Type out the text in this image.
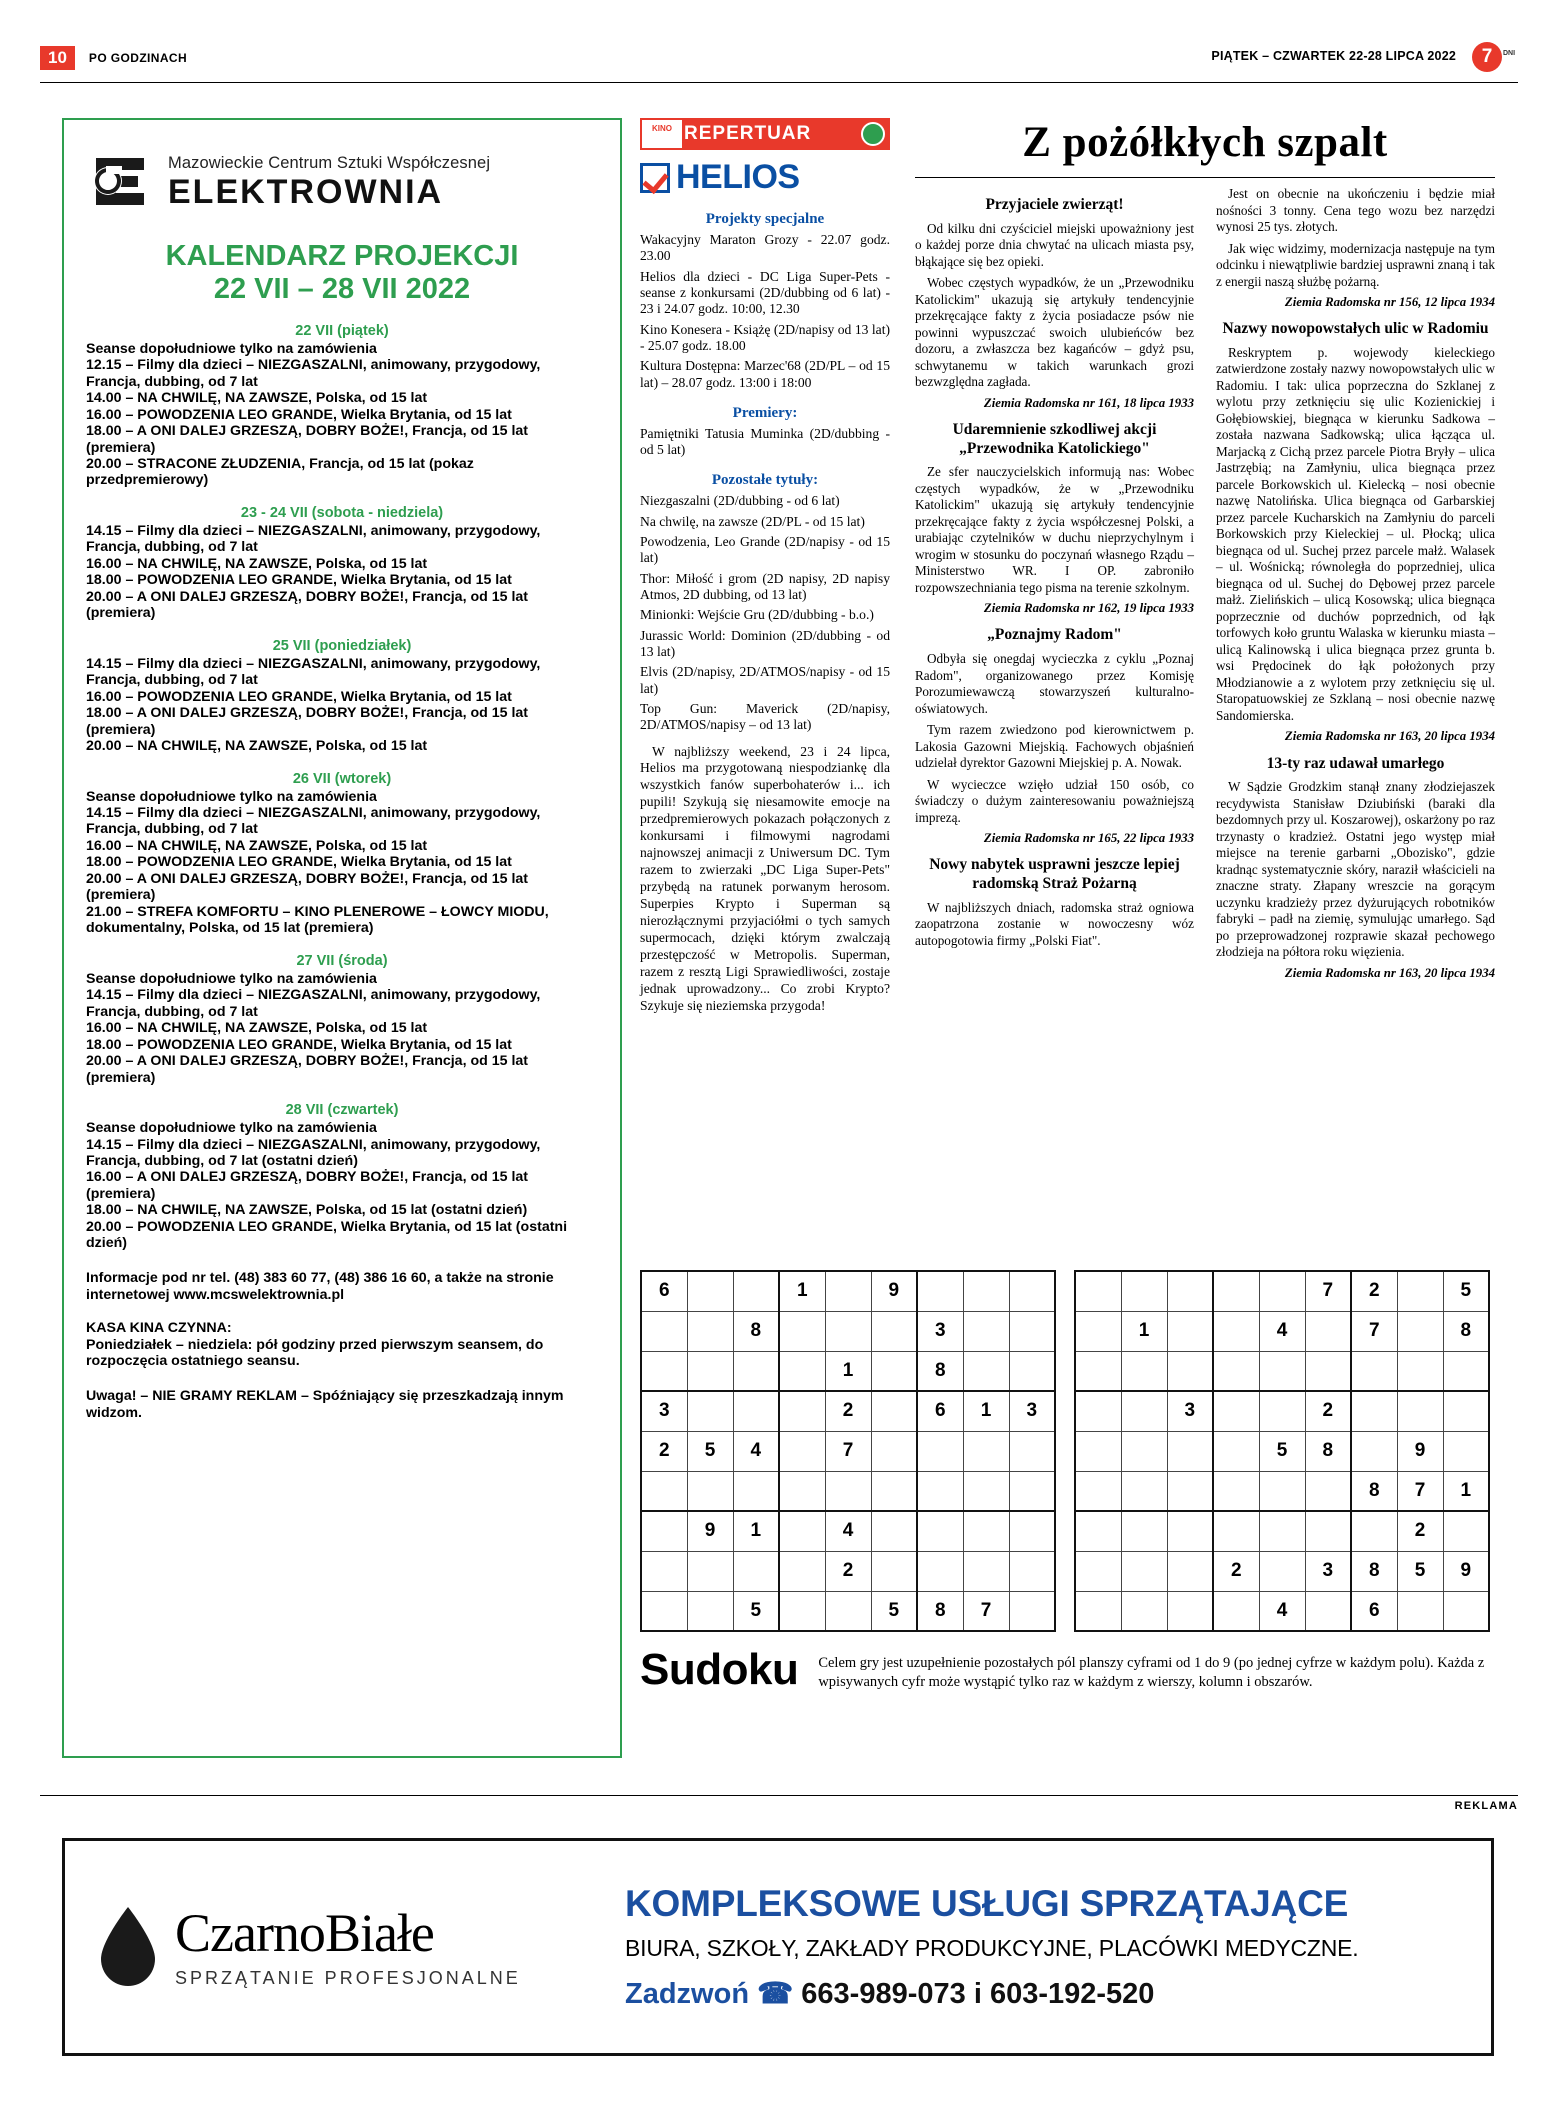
10 PO GODZINACH	PIĄTEK – CZWARTEK 22-28 LIPCA 2022	7	DNI
Mazowieckie Centrum Sztuki Współczesnej
ELEKTROWNIA
KALENDARZ PROJEKCJI
22 VII – 28 VII 2022
22 VII (piątek)
Seanse dopołudniowe tylko na zamówienia
12.15 – Filmy dla dzieci – NIEZGASZALNI, animowany, przygodowy, Francja, dubbing, od 7 lat
14.00 – NA CHWILĘ, NA ZAWSZE, Polska, od 15 lat
16.00 – POWODZENIA LEO GRANDE, Wielka Brytania, od 15 lat
18.00 – A ONI DALEJ GRZESZĄ, DOBRY BOŻE!, Francja, od 15 lat (premiera)
20.00 – STRACONE ZŁUDZENIA, Francja, od 15 lat (pokaz przedpremierowy)
23 - 24 VII (sobota - niedziela)
14.15 – Filmy dla dzieci – NIEZGASZALNI, animowany, przygodowy, Francja, dubbing, od 7 lat
16.00 – NA CHWILĘ, NA ZAWSZE, Polska, od 15 lat
18.00 – POWODZENIA LEO GRANDE, Wielka Brytania, od 15 lat
20.00 – A ONI DALEJ GRZESZĄ, DOBRY BOŻE!, Francja, od 15 lat (premiera)
25 VII (poniedziałek)
14.15 – Filmy dla dzieci – NIEZGASZALNI, animowany, przygodowy, Francja, dubbing, od 7 lat
16.00 – POWODZENIA LEO GRANDE, Wielka Brytania, od 15 lat
18.00 – A ONI DALEJ GRZESZĄ, DOBRY BOŻE!, Francja, od 15 lat (premiera)
20.00 – NA CHWILĘ, NA ZAWSZE, Polska, od 15 lat
26 VII (wtorek)
Seanse dopołudniowe tylko na zamówienia
14.15 – Filmy dla dzieci – NIEZGASZALNI, animowany, przygodowy, Francja, dubbing, od 7 lat
16.00 – NA CHWILĘ, NA ZAWSZE, Polska, od 15 lat
18.00 – POWODZENIA LEO GRANDE, Wielka Brytania, od 15 lat
20.00 – A ONI DALEJ GRZESZĄ, DOBRY BOŻE!, Francja, od 15 lat (premiera)
21.00 – STREFA KOMFORTU – KINO PLENEROWE – ŁOWCY MIODU, dokumentalny, Polska, od 15 lat (premiera)
27 VII (środa)
Seanse dopołudniowe tylko na zamówienia
14.15 – Filmy dla dzieci – NIEZGASZALNI, animowany, przygodowy, Francja, dubbing, od 7 lat
16.00 – NA CHWILĘ, NA ZAWSZE, Polska, od 15 lat
18.00 – POWODZENIA LEO GRANDE, Wielka Brytania, od 15 lat
20.00 – A ONI DALEJ GRZESZĄ, DOBRY BOŻE!, Francja, od 15 lat (premiera)
28 VII (czwartek)
Seanse dopołudniowe tylko na zamówienia
14.15 – Filmy dla dzieci – NIEZGASZALNI, animowany, przygodowy, Francja, dubbing, od 7 lat (ostatni dzień)
16.00 – A ONI DALEJ GRZESZĄ, DOBRY BOŻE!, Francja, od 15 lat (premiera)
18.00 – NA CHWILĘ, NA ZAWSZE, Polska, od 15 lat (ostatni dzień)
20.00 – POWODZENIA LEO GRANDE, Wielka Brytania, od 15 lat (ostatni dzień)
Informacje pod nr tel. (48) 383 60 77, (48) 386 16 60, a także na stronie internetowej www.mcswelektrownia.pl
KASA KINA CZYNNA:
Poniedziałek – niedziela: pół godziny przed pierwszym seansem, do rozpoczęcia ostatniego seansu.
Uwaga! – NIE GRAMY REKLAM – Spóźniający się przeszkadzają innym widzom.
KINO REPERTUAR
HELIOS
Projekty specjalne

Wakacyjny Maraton Grozy - 22.07 godz. 23.00

Helios dla dzieci - DC Liga Super-Pets - seanse z konkursami (2D/dubbing od 6 lat) - 23 i 24.07 godz. 10:00, 12.30

Kino Konesera - Książę (2D/napisy od 13 lat) - 25.07 godz. 18.00

Kultura Dostępna: Marzec'68 (2D/PL – od 15 lat) – 28.07 godz. 13:00 i 18:00

Premiery:

Pamiętniki Tatusia Muminka (2D/dubbing - od 5 lat)

Pozostałe tytuły:

Niezgaszalni (2D/dubbing - od 6 lat)

Na chwilę, na zawsze (2D/PL - od 15 lat)

Powodzenia, Leo Grande (2D/napisy - od 15 lat)

Thor: Miłość i grom (2D napisy, 2D napisy Atmos, 2D dubbing, od 13 lat)

Minionki: Wejście Gru (2D/dubbing - b.o.)

Jurassic World: Dominion (2D/dubbing - od 13 lat)

Elvis (2D/napisy, 2D/ATMOS/napisy - od 15 lat)

Top Gun: Maverick (2D/napisy, 2D/ATMOS/napisy – od 13 lat)

W najbliższy weekend, 23 i 24 lipca, Helios ma przygotowaną niespodziankę dla wszystkich fanów superbohaterów i... ich pupili! Szykują się niesamowite emocje na przedpremierowych pokazach połączonych z konkursami i filmowymi nagrodami najnowszej animacji z Uniwersum DC. Tym razem to zwierzaki „DC Liga Super-Pets" przybędą na ratunek porwanym herosom. Superpies Krypto i Superman są nierozłącznymi przyjaciółmi o tych samych supermocach, dzięki którym zwalczają przestępczość w Metropolis. Superman, razem z resztą Ligi Sprawiedliwości, zostaje jednak uprowadzony... Co zrobi Krypto? Szykuje się nieziemska przygoda!

Z pożółkłych szpalt
Przyjaciele zwierząt!

Od kilku dni czyściciel miejski upoważniony jest o każdej porze dnia chwytać na ulicach miasta psy, błąkające się bez opieki.

Wobec częstych wypadków, że un „Przewodniku Katolickim" ukazują się artykuły tendencyjnie przekręcające fakty z życia posiadacze psów nie powinni wypuszczać swoich ulubieńców bez dozoru, a zwłaszcza bez kagańców – gdyż psu, schwytanemu w takich warunkach grozi bezwzględna zagłada.

Ziemia Radomska nr 161, 18 lipca 1933

Udaremnienie szkodliwej akcji „Przewodnika Katolickiego"

Ze sfer nauczycielskich informują nas: Wobec częstych wypadków, że w „Przewodniku Katolickim" ukazują się artykuły tendencyjnie przekręcające fakty z życia współczesnej Polski, a urabiając czytelników w duchu nieprzychylnym i wrogim w stosunku do poczynań własnego Rządu – Ministerstwo WR. I OP. zabroniło rozpowszechniania tego pisma na terenie szkolnym.

Ziemia Radomska nr 162, 19 lipca 1933

„Poznajmy Radom"

Odbyła się onegdaj wycieczka z cyklu „Poznaj Radom", organizowanego przez Komisję Porozumiewawczą stowarzyszeń kulturalno-oświatowych.

Tym razem zwiedzono pod kierownictwem p. Lakosia Gazowni Miejskią. Fachowych objaśnień udzielał dyrektor Gazowni Miejskiej p. A. Nowak.

W wycieczce wzięło udział 150 osób, co świadczy o dużym zainteresowaniu poważniejszą imprezą.

Ziemia Radomska nr 165, 22 lipca 1933

Nowy nabytek usprawni jeszcze lepiej radomską Straż Pożarną

W najbliższych dniach, radomska straż ogniowa zaopatrzona zostanie w nowoczesny wóz autopogotowia firmy „Polski Fiat".

Jest on obecnie na ukończeniu i będzie miał nośności 3 tonny. Cena tego wozu bez narzędzi wynosi 25 tys. złotych.

Jak więc widzimy, modernizacja następuje na tym odcinku i niewątpliwie bardziej usprawni znaną i tak z energii naszą służbę pożarną.

Ziemia Radomska nr 156, 12 lipca 1934

Nazwy nowopowstałych ulic w Radomiu

Reskryptem p. wojewody kieleckiego zatwierdzone zostały nazwy nowopowstałych ulic w Radomiu. I tak: ulica poprzeczna do Szklanej z wylotu przy zetknięciu się ulic Kozienickiej i Gołębiowskiej, biegnąca w kierunku Sadkowa – została nazwana Sadkowską; ulica łącząca ul. Marjacką z Cichą przez parcele Piotra Bryły – ulica Jastrzębią; na Zamłyniu, ulica biegnąca przez parcele Borkowskich ul. Kielecką – nosi obecnie nazwę Natolińska. Ulica biegnąca od Garbarskiej przez parcele Kucharskich na Zamłyniu do parceli Borkowskich przy Kieleckiej – ul. Płocką; ulica biegnąca od ul. Suchej przez parcele małż. Walasek – ul. Wośnicką; równoległa do poprzedniej, ulica biegnąca od ul. Suchej do Dębowej przez parcele małż. Zielińskich – ulicą Kosowską; ulica biegnąca poprzecznie od duchów poprzednich, od łąk torfowych koło gruntu Walaska w kierunku miasta – ulicą Kalinowską i ulica biegnąca przez grunta b. wsi Prędocinek do łąk położonych przy Młodzianowie a z wylotem przy zetknięciu się ul. Staropatuowskiej ze Szklaną – nosi obecnie nazwę Sandomierska.

Ziemia Radomska nr 163, 20 lipca 1934

13-ty raz udawał umarłego

W Sądzie Grodzkim stanął znany złodziejaszek recydywista Stanisław Dziubiński (baraki dla bezdomnych przy ul. Koszarowej), oskarżony po raz trzynasty o kradzież. Ostatni jego występ miał miejsce na terenie garbarni „Obozisko", gdzie kradnąc systematycznie skóry, naraził właścicieli na znaczne straty. Złapany wreszcie na gorącym uczynku kradzieży przez dyżurujących robotników fabryki – padł na ziemię, symulując umarłego. Sąd po przeprowadzonej rozprawie skazał pechowego złodzieja na półtora roku więzienia.

Ziemia Radomska nr 163, 20 lipca 1934

6			1		9			
		8				3		
				1		8		
3				2		6	1	3
2	5	4		7				

	9	1		4				
				2				
		5			5	8	7	
					7	2		5
	1			4		7		8

		3			2			
				5	8		9	
						8	7	1
							2	
			2		3	8	5	9
				4		6		
Sudoku Celem gry jest uzupełnienie pozostałych pól planszy cyframi od 1 do 9 (po jednej cyfrze w każdym polu). Każda z wpisywanych cyfr może wystąpić tylko raz w każdym z wierszy, kolumn i obszarów.
REKLAMA
CzarnoBiałe
SPRZĄTANIE PROFESJONALNE
KOMPLEKSOWE USŁUGI SPRZĄTAJĄCE
BIURA, SZKOŁY, ZAKŁADY PRODUKCYJNE, PLACÓWKI MEDYCZNE.
Zadzwoń ☎ 663-989-073 i 603-192-520
